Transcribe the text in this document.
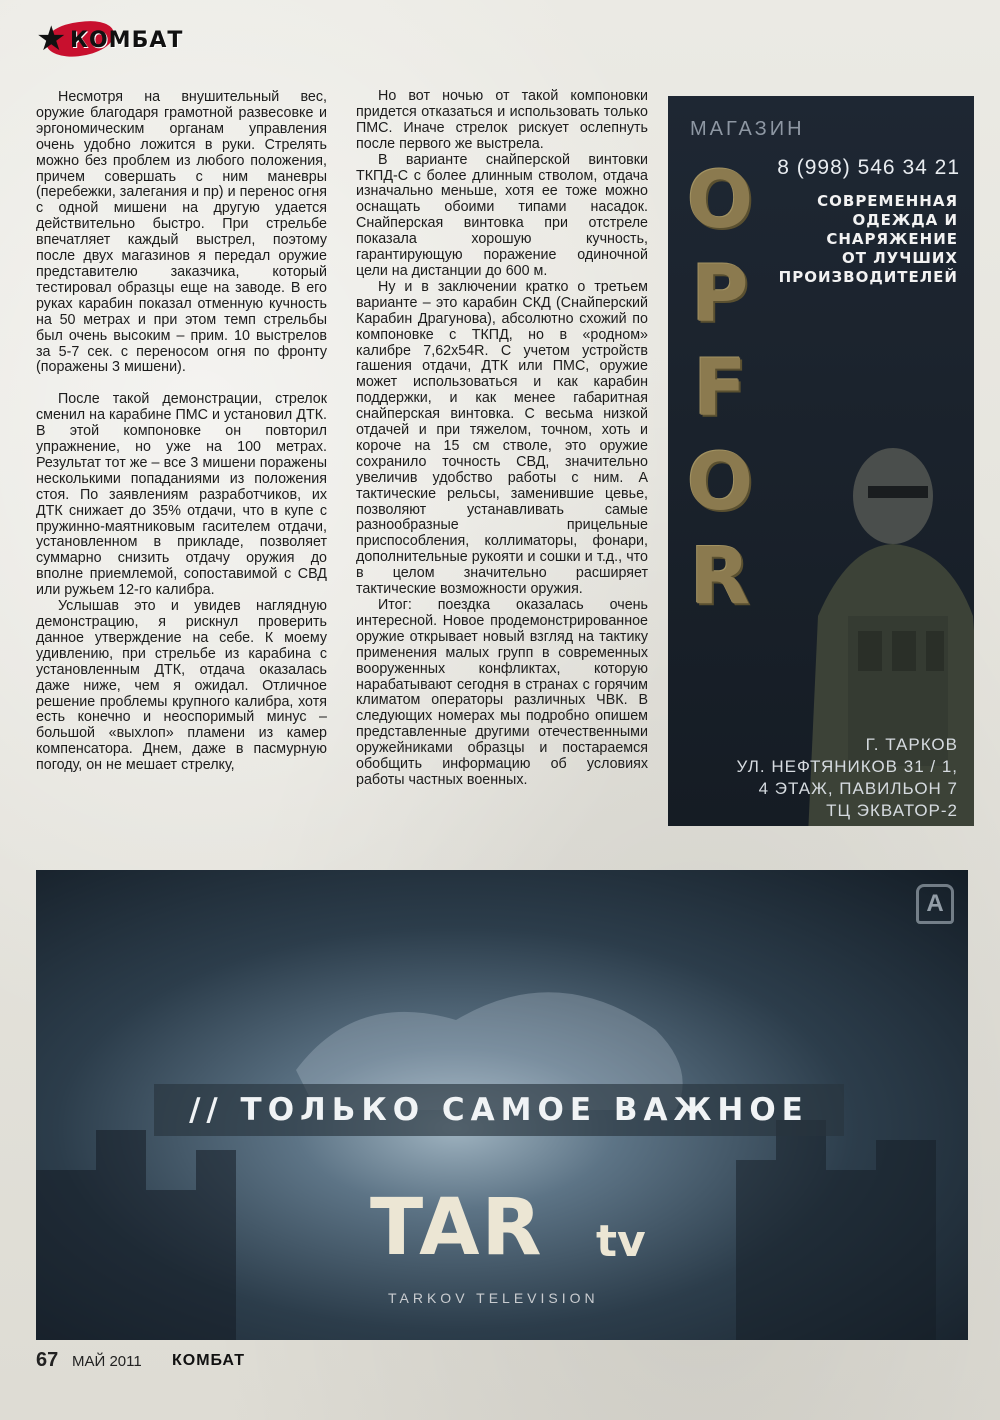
★ КОМБАТ

Несмотря на внушительный вес, оружие благодаря грамотной развесовке и эргономическим органам управления очень удобно ложится в руки. Стрелять можно без проблем из любого положения, причем совершать с ним маневры (перебежки, залегания и пр) и перенос огня с одной мишени на другую удается действительно быстро. При стрельбе впечатляет каждый выстрел, поэтому после двух магазинов я передал оружие представителю заказчика, который тестировал образцы еще на заводе. В его руках карабин показал отменную кучность на 50 метрах и при этом темп стрельбы был очень высоким – прим. 10 выстрелов за 5-7 сек. с переносом огня по фронту (поражены 3 мишени).

После такой демонстрации, стрелок сменил на карабине ПМС и установил ДТК. В этой компоновке он повторил упражнение, но уже на 100 метрах. Результат тот же – все 3 мишени поражены несколькими попаданиями из положения стоя. По заявлениям разработчиков, их ДТК снижает до 35% отдачи, что в купе с пружинно-маятниковым гасителем отдачи, установленном в прикладе, позволяет суммарно снизить отдачу оружия до вполне приемлемой, сопоставимой с СВД или ружьем 12-го калибра.

Услышав это и увидев наглядную демонстрацию, я рискнул проверить данное утверждение на себе. К моему удивлению, при стрельбе из карабина с установленным ДТК, отдача оказалась даже ниже, чем я ожидал. Отличное решение проблемы крупного калибра, хотя есть конечно и неоспоримый минус – большой «выхлоп» пламени из камер компенсатора. Днем, даже в пасмурную погоду, он не мешает стрелку,

Но вот ночью от такой компоновки придется отказаться и использовать только ПМС. Иначе стрелок рискует ослепнуть после первого же выстрела.

В варианте снайперской винтовки ТКПД-С с более длинным стволом, отдача изначально меньше, хотя ее тоже можно оснащать обоими типами насадок. Снайперская винтовка при отстреле показала хорошую кучность, гарантирующую поражение одиночной цели на дистанции до 600 м.

Ну и в заключении кратко о третьем варианте – это карабин СКД (Снайперский Карабин Драгунова), абсолютно схожий по компоновке с ТКПД, но в «родном» калибре 7,62х54R. С учетом устройств гашения отдачи, ДТК или ПМС, оружие может использоваться и как карабин поддержки, и как менее габаритная снайперская винтовка. С весьма низкой отдачей и при тяжелом, точном, хоть и короче на 15 см стволе, это оружие сохранило точность СВД, значительно увеличив удобство работы с ним. А тактические рельсы, заменившие цевье, позволяют устанавливать самые разнообразные прицельные приспособления, коллиматоры, фонари, дополнительные рукояти и сошки и т.д., что в целом значительно расширяет тактические возможности оружия.

Итог: поездка оказалась очень интересной. Новое продемонстрированное оружие открывает новый взгляд на тактику применения малых групп в современных вооруженных конфликтах, которую нарабатывают сегодня в странах с горячим климатом операторы различных ЧВК. В следующих номерах мы подробно опишем представленные другими отечественными оружейниками образцы и постараемся обобщить информацию об условиях работы частных военных.

МАГАЗИН
8 (998) 546 34 21
СОВРЕМЕННАЯ
ОДЕЖДА И
СНАРЯЖЕНИЕ
ОТ ЛУЧШИХ
ПРОИЗВОДИТЕЛЕЙ
O
P
F
O
R
Г. ТАРКОВ
УЛ. НЕФТЯНИКОВ 31 / 1,
4 ЭТАЖ, ПАВИЛЬОН 7
ТЦ ЭКВАТОР-2
A
// ТОЛЬКО САМОЕ ВАЖНОЕ
TAR tv
TARKOV TELEVISION
67 МАЙ 2011 КОМБАТ
